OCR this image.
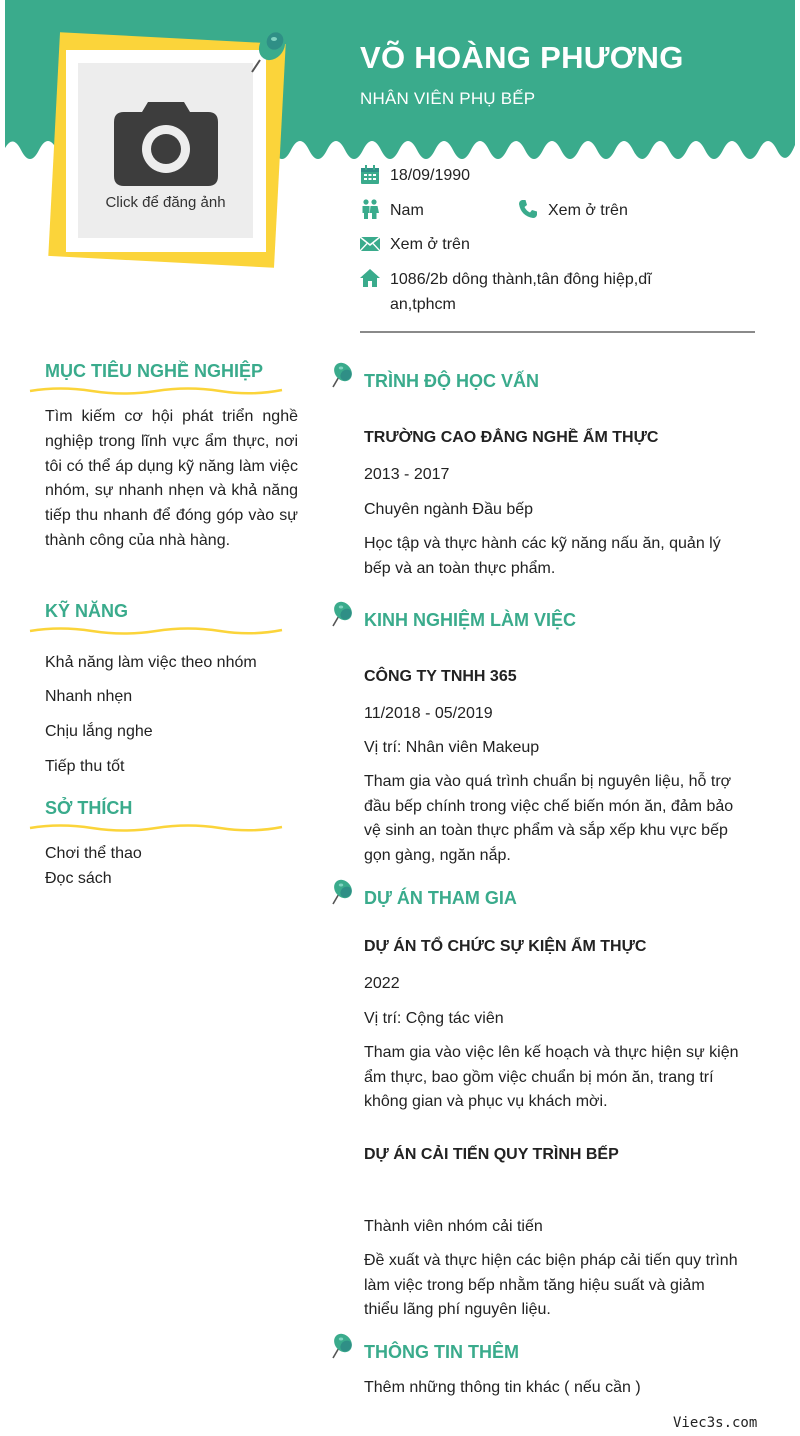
Click để đăng ảnh
VÕ HOÀNG PHƯƠNG
NHÂN VIÊN PHỤ BẾP
18/09/1990
Nam	Xem ở trên
Xem ở trên
1086/2b dông thành,tân đông hiệp,dĩ an,tphcm
MỤC TIÊU NGHỀ NGHIỆP
Tìm kiếm cơ hội phát triển nghề nghiệp trong lĩnh vực ẩm thực, nơi tôi có thể áp dụng kỹ năng làm việc nhóm, sự nhanh nhẹn và khả năng tiếp thu nhanh để đóng góp vào sự thành công của nhà hàng.
KỸ NĂNG
Khả năng làm việc theo nhóm
Nhanh nhẹn
Chịu lắng nghe
Tiếp thu tốt
SỞ THÍCH
Chơi thể thao
Đọc sách
TRÌNH ĐỘ HỌC VẤN
TRƯỜNG CAO ĐẲNG NGHỀ ẨM THỰC
2013 - 2017
Chuyên ngành Đầu bếp
Học tập và thực hành các kỹ năng nấu ăn, quản lý bếp và an toàn thực phẩm.
KINH NGHIỆM LÀM VIỆC
CÔNG TY TNHH 365
11/2018 - 05/2019
Vị trí: Nhân viên Makeup
Tham gia vào quá trình chuẩn bị nguyên liệu, hỗ trợ đầu bếp chính trong việc chế biến món ăn, đảm bảo vệ sinh an toàn thực phẩm và sắp xếp khu vực bếp gọn gàng, ngăn nắp.
DỰ ÁN THAM GIA
DỰ ÁN TỔ CHỨC SỰ KIỆN ẨM THỰC
2022
Vị trí: Cộng tác viên
Tham gia vào việc lên kế hoạch và thực hiện sự kiện ẩm thực, bao gồm việc chuẩn bị món ăn, trang trí không gian và phục vụ khách mời.
DỰ ÁN CẢI TIẾN QUY TRÌNH BẾP
Thành viên nhóm cải tiến
Đề xuất và thực hiện các biện pháp cải tiến quy trình làm việc trong bếp nhằm tăng hiệu suất và giảm thiểu lãng phí nguyên liệu.
THÔNG TIN THÊM
Thêm những thông tin khác ( nếu cần )
Viec3s.com
